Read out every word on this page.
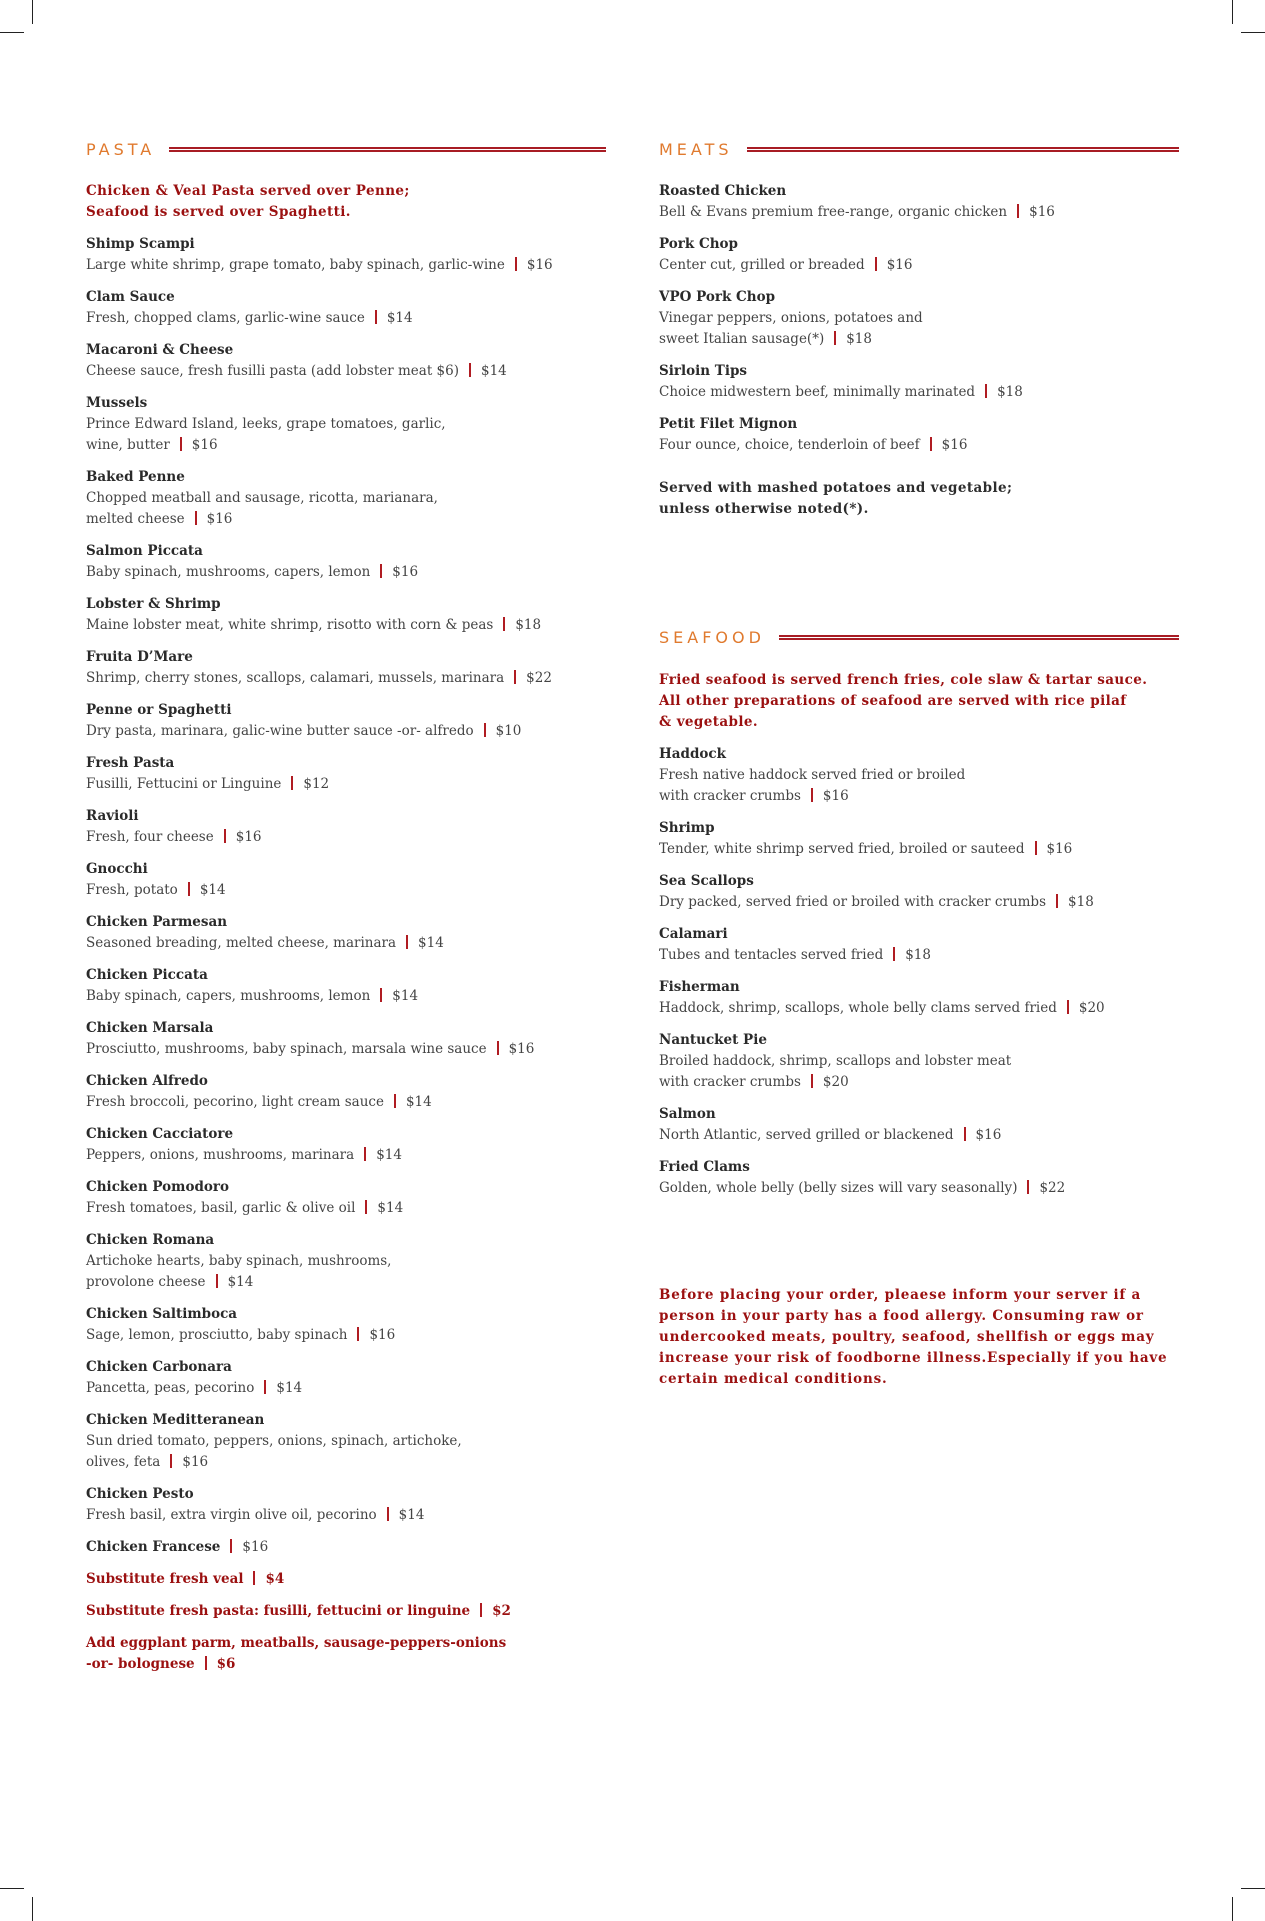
PASTA
Chicken & Veal Pasta served over Penne;
Seafood is served over Spaghetti.
Shimp Scampi
Large white shrimp, grape tomato, baby spinach, garlic-wine $16
Clam Sauce
Fresh, chopped clams, garlic-wine sauce $14
Macaroni & Cheese
Cheese sauce, fresh fusilli pasta (add lobster meat $6) $14
Mussels
Prince Edward Island, leeks, grape tomatoes, garlic,
wine, butter $16
Baked Penne
Chopped meatball and sausage, ricotta, marianara,
melted cheese $16
Salmon Piccata
Baby spinach, mushrooms, capers, lemon $16
Lobster & Shrimp
Maine lobster meat, white shrimp, risotto with corn & peas $18
Fruita D’Mare
Shrimp, cherry stones, scallops, calamari, mussels, marinara $22
Penne or Spaghetti
Dry pasta, marinara, galic-wine butter sauce -or- alfredo $10
Fresh Pasta
Fusilli, Fettucini or Linguine $12
Ravioli
Fresh, four cheese $16
Gnocchi
Fresh, potato $14
Chicken Parmesan
Seasoned breading, melted cheese, marinara $14
Chicken Piccata
Baby spinach, capers, mushrooms, lemon $14
Chicken Marsala
Prosciutto, mushrooms, baby spinach, marsala wine sauce $16
Chicken Alfredo
Fresh broccoli, pecorino, light cream sauce $14
Chicken Cacciatore
Peppers, onions, mushrooms, marinara $14
Chicken Pomodoro
Fresh tomatoes, basil, garlic & olive oil $14
Chicken Romana
Artichoke hearts, baby spinach, mushrooms,
provolone cheese $14
Chicken Saltimboca
Sage, lemon, prosciutto, baby spinach $16
Chicken Carbonara
Pancetta, peas, pecorino $14
Chicken Meditteranean
Sun dried tomato, peppers, onions, spinach, artichoke,
olives, feta $16
Chicken Pesto
Fresh basil, extra virgin olive oil, pecorino $14
Chicken Francese $16
Substitute fresh veal $4
Substitute fresh pasta: fusilli, fettucini or linguine $2
Add eggplant parm, meatballs, sausage-peppers-onions
-or- bolognese $6
MEATS
Roasted Chicken
Bell & Evans premium free-range, organic chicken $16
Pork Chop
Center cut, grilled or breaded $16
VPO Pork Chop
Vinegar peppers, onions, potatoes and
sweet Italian sausage(*) $18
Sirloin Tips
Choice midwestern beef, minimally marinated $18
Petit Filet Mignon
Four ounce, choice, tenderloin of beef $16
Served with mashed potatoes and vegetable;
unless otherwise noted(*).
SEAFOOD
Fried seafood is served french fries, cole slaw & tartar sauce.
All other preparations of seafood are served with rice pilaf
& vegetable.
Haddock
Fresh native haddock served fried or broiled
with cracker crumbs $16
Shrimp
Tender, white shrimp served fried, broiled or sauteed $16
Sea Scallops
Dry packed, served fried or broiled with cracker crumbs $18
Calamari
Tubes and tentacles served fried $18
Fisherman
Haddock, shrimp, scallops, whole belly clams served fried $20
Nantucket Pie
Broiled haddock, shrimp, scallops and lobster meat
with cracker crumbs $20
Salmon
North Atlantic, served grilled or blackened $16
Fried Clams
Golden, whole belly (belly sizes will vary seasonally) $22
Before placing your order, pleaese inform your server if a
person in your party has a food allergy. Consuming raw or
undercooked meats, poultry, seafood, shellfish or eggs may
increase your risk of foodborne illness.Especially if you have
certain medical conditions.
